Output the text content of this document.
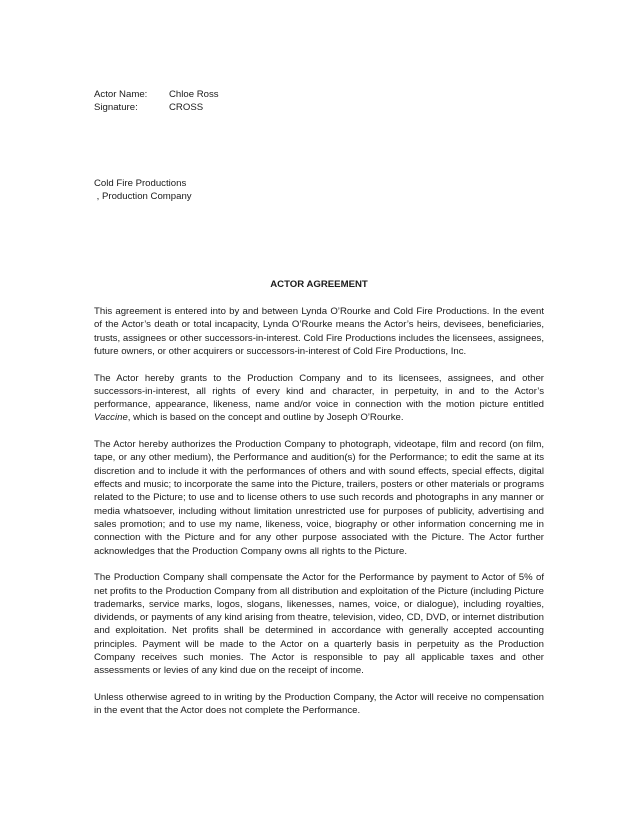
Actor Name:	Chloe Ross
Signature:	CROSS
Cold Fire Productions
, Production Company
ACTOR AGREEMENT

This agreement is entered into by and between Lynda O’Rourke and Cold Fire Productions. In the event of the Actor’s death or total incapacity, Lynda O’Rourke means the Actor’s heirs, devisees, beneficiaries, trusts, assignees or other successors-in-interest. Cold Fire Productions includes the licensees, assignees, future owners, or other acquirers or successors-in-interest of Cold Fire Productions, Inc.

The Actor hereby grants to the Production Company and to its licensees, assignees, and other successors-in-interest, all rights of every kind and character, in perpetuity, in and to the Actor’s performance, appearance, likeness, name and/or voice in connection with the motion picture entitled Vaccine, which is based on the concept and outline by Joseph O’Rourke.

The Actor hereby authorizes the Production Company to photograph, videotape, film and record (on film, tape, or any other medium), the Performance and audition(s) for the Performance; to edit the same at its discretion and to include it with the performances of others and with sound effects, special effects, digital effects and music; to incorporate the same into the Picture, trailers, posters or other materials or programs related to the Picture; to use and to license others to use such records and photographs in any manner or media whatsoever, including without limitation unrestricted use for purposes of publicity, advertising and sales promotion; and to use my name, likeness, voice, biography or other information concerning me in connection with the Picture and for any other purpose associated with the Picture. The Actor further acknowledges that the Production Company owns all rights to the Picture.

The Production Company shall compensate the Actor for the Performance by payment to Actor of 5% of net profits to the Production Company from all distribution and exploitation of the Picture (including Picture trademarks, service marks, logos, slogans, likenesses, names, voice, or dialogue), including royalties, dividends, or payments of any kind arising from theatre, television, video, CD, DVD, or internet distribution and exploitation. Net profits shall be determined in accordance with generally accepted accounting principles. Payment will be made to the Actor on a quarterly basis in perpetuity as the Production Company receives such monies. The Actor is responsible to pay all applicable taxes and other assessments or levies of any kind due on the receipt of income.

Unless otherwise agreed to in writing by the Production Company, the Actor will receive no compensation in the event that the Actor does not complete the Performance.
